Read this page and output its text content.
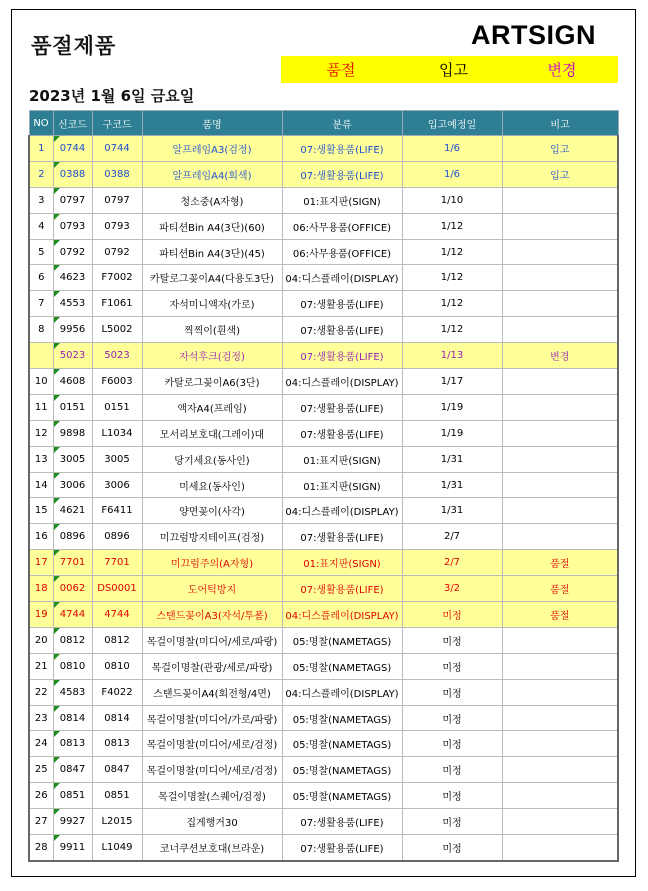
품절제품	ARTSIGN
품절	입고	변경
2023년 1월 6일 금요일
NO	신코드	구코드	품명	분류	입고예정일	비고
1	0744	0744	알프레임A3(검정)	07:생활용품(LIFE)	1/6	입고
2	0388	0388	알프레임A4(회색)	07:생활용품(LIFE)	1/6	입고
3	0797	0797	청소중(A자형)	01:표지판(SIGN)	1/10	
4	0793	0793	파티션Bin A4(3단)(60)	06:사무용품(OFFICE)	1/12	
5	0792	0792	파티션Bin A4(3단)(45)	06:사무용품(OFFICE)	1/12	
6	4623	F7002	카탈로그꽂이A4(다용도3단)	04:디스플레이(DISPLAY)	1/12	
7	4553	F1061	자석미니액자(가로)	07:생활용품(LIFE)	1/12	
8	9956	L5002	찍찍이(흰색)	07:생활용품(LIFE)	1/12	
	5023	5023	자석후크(검정)	07:생활용품(LIFE)	1/13	변경
10	4608	F6003	카탈로그꽂이A6(3단)	04:디스플레이(DISPLAY)	1/17	
11	0151	0151	액자A4(프레임)	07:생활용품(LIFE)	1/19	
12	9898	L1034	모서리보호대(그레이)대	07:생활용품(LIFE)	1/19	
13	3005	3005	당기세요(동사인)	01:표지판(SIGN)	1/31	
14	3006	3006	미세요(동사인)	01:표지판(SIGN)	1/31	
15	4621	F6411	양면꽂이(사각)	04:디스플레이(DISPLAY)	1/31	
16	0896	0896	미끄럼방지테이프(검정)	07:생활용품(LIFE)	2/7	
17	7701	7701	미끄럼주의(A자형)	01:표지판(SIGN)	2/7	품절
18	0062	DS0001	도어턱방지	07:생활용품(LIFE)	3/2	품절
19	4744	4744	스탠드꽂이A3(자석/투폼)	04:디스플레이(DISPLAY)	미정	품절
20	0812	0812	목걸이명찰(미디어/세로/파랑)	05:명찰(NAMETAGS)	미정	
21	0810	0810	목걸이명찰(관광/세로/파랑)	05:명찰(NAMETAGS)	미정	
22	4583	F4022	스탠드꽂이A4(회전형/4면)	04:디스플레이(DISPLAY)	미정	
23	0814	0814	목걸이명찰(미디어/가로/파랑)	05:명찰(NAMETAGS)	미정	
24	0813	0813	목걸이명찰(미디어/세로/검정)	05:명찰(NAMETAGS)	미정	
25	0847	0847	목걸이명찰(미디어/세로/검정)	05:명찰(NAMETAGS)	미정	
26	0851	0851	목걸이명찰(스퀘어/검정)	05:명찰(NAMETAGS)	미정	
27	9927	L2015	집게행거30	07:생활용품(LIFE)	미정	
28	9911	L1049	코너쿠션보호대(브라운)	07:생활용품(LIFE)	미정	
